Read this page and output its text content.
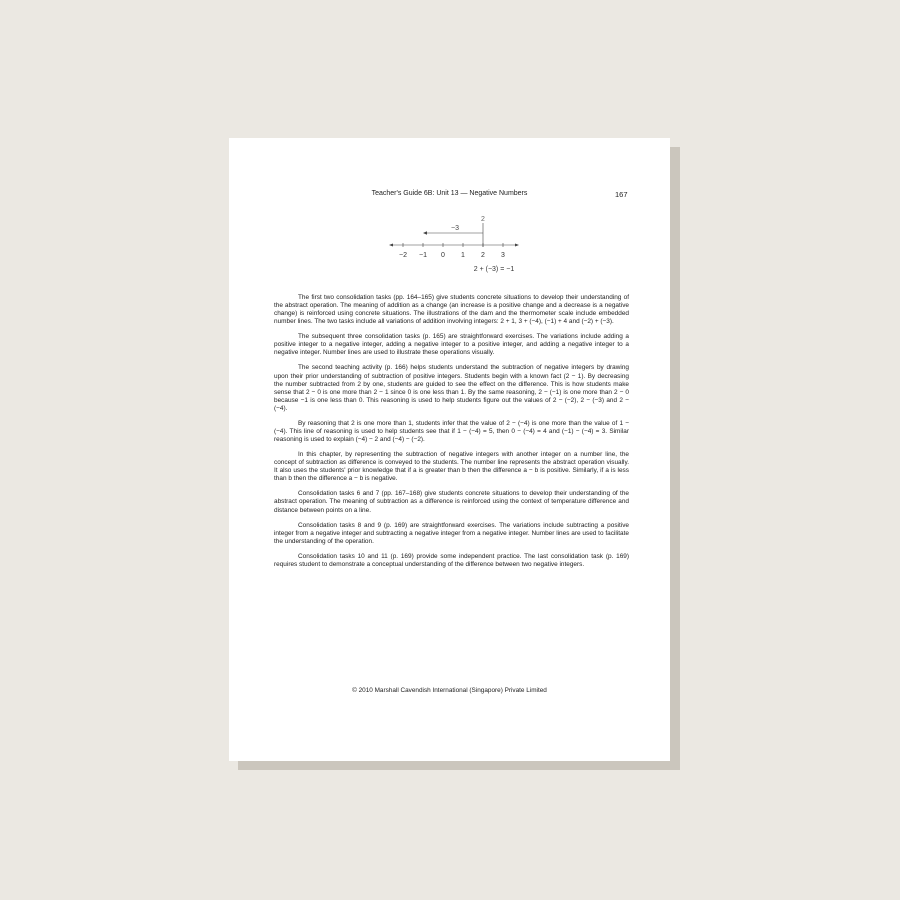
Teacher's Guide 6B: Unit 13 — Negative Numbers	167
2
−3
−2 −1 0 1 2 3
2 + (−3) = −1

The first two consolidation tasks (pp. 164–165) give students concrete situations to develop their understanding of the abstract operation. The meaning of addition as a change (an increase is a positive change and a decrease is a negative change) is reinforced using concrete situations. The illustrations of the dam and the thermometer scale include embedded number lines. The two tasks include all variations of addition involving integers: 2 + 1, 3 + (−4), (−1) + 4 and (−2) + (−3).

The subsequent three consolidation tasks (p. 165) are straightforward exercises. The variations include adding a positive integer to a negative integer, adding a negative integer to a positive integer, and adding a negative integer to a negative integer. Number lines are used to illustrate these operations visually.

The second teaching activity (p. 166) helps students understand the subtraction of negative integers by drawing upon their prior understanding of subtraction of positive integers. Students begin with a known fact (2 − 1). By decreasing the number subtracted from 2 by one, students are guided to see the effect on the difference. This is how students make sense that 2 − 0 is one more than 2 − 1 since 0 is one less than 1. By the same reasoning, 2 − (−1) is one more than 2 − 0 because −1 is one less than 0. This reasoning is used to help students figure out the values of 2 − (−2), 2 − (−3) and 2 − (−4).

By reasoning that 2 is one more than 1, students infer that the value of 2 − (−4) is one more than the value of 1 − (−4). This line of reasoning is used to help students see that if 1 − (−4) = 5, then 0 − (−4) = 4 and (−1) − (−4) = 3. Similar reasoning is used to explain (−4) − 2 and (−4) − (−2).

In this chapter, by representing the subtraction of negative integers with another integer on a number line, the concept of subtraction as difference is conveyed to the students. The number line represents the abstract operation visually. It also uses the students' prior knowledge that if a is greater than b then the difference a − b is positive. Similarly, if a is less than b then the difference a − b is negative.

Consolidation tasks 6 and 7 (pp. 167–168) give students concrete situations to develop their understanding of the abstract operation. The meaning of subtraction as a difference is reinforced using the context of temperature difference and distance between points on a line.

Consolidation tasks 8 and 9 (p. 169) are straightforward exercises. The variations include subtracting a positive integer from a negative integer and subtracting a negative integer from a negative integer. Number lines are used to facilitate the understanding of the operation.

Consolidation tasks 10 and 11 (p. 169) provide some independent practice. The last consolidation task (p. 169) requires student to demonstrate a conceptual understanding of the difference between two negative integers.

© 2010 Marshall Cavendish International (Singapore) Private Limited
